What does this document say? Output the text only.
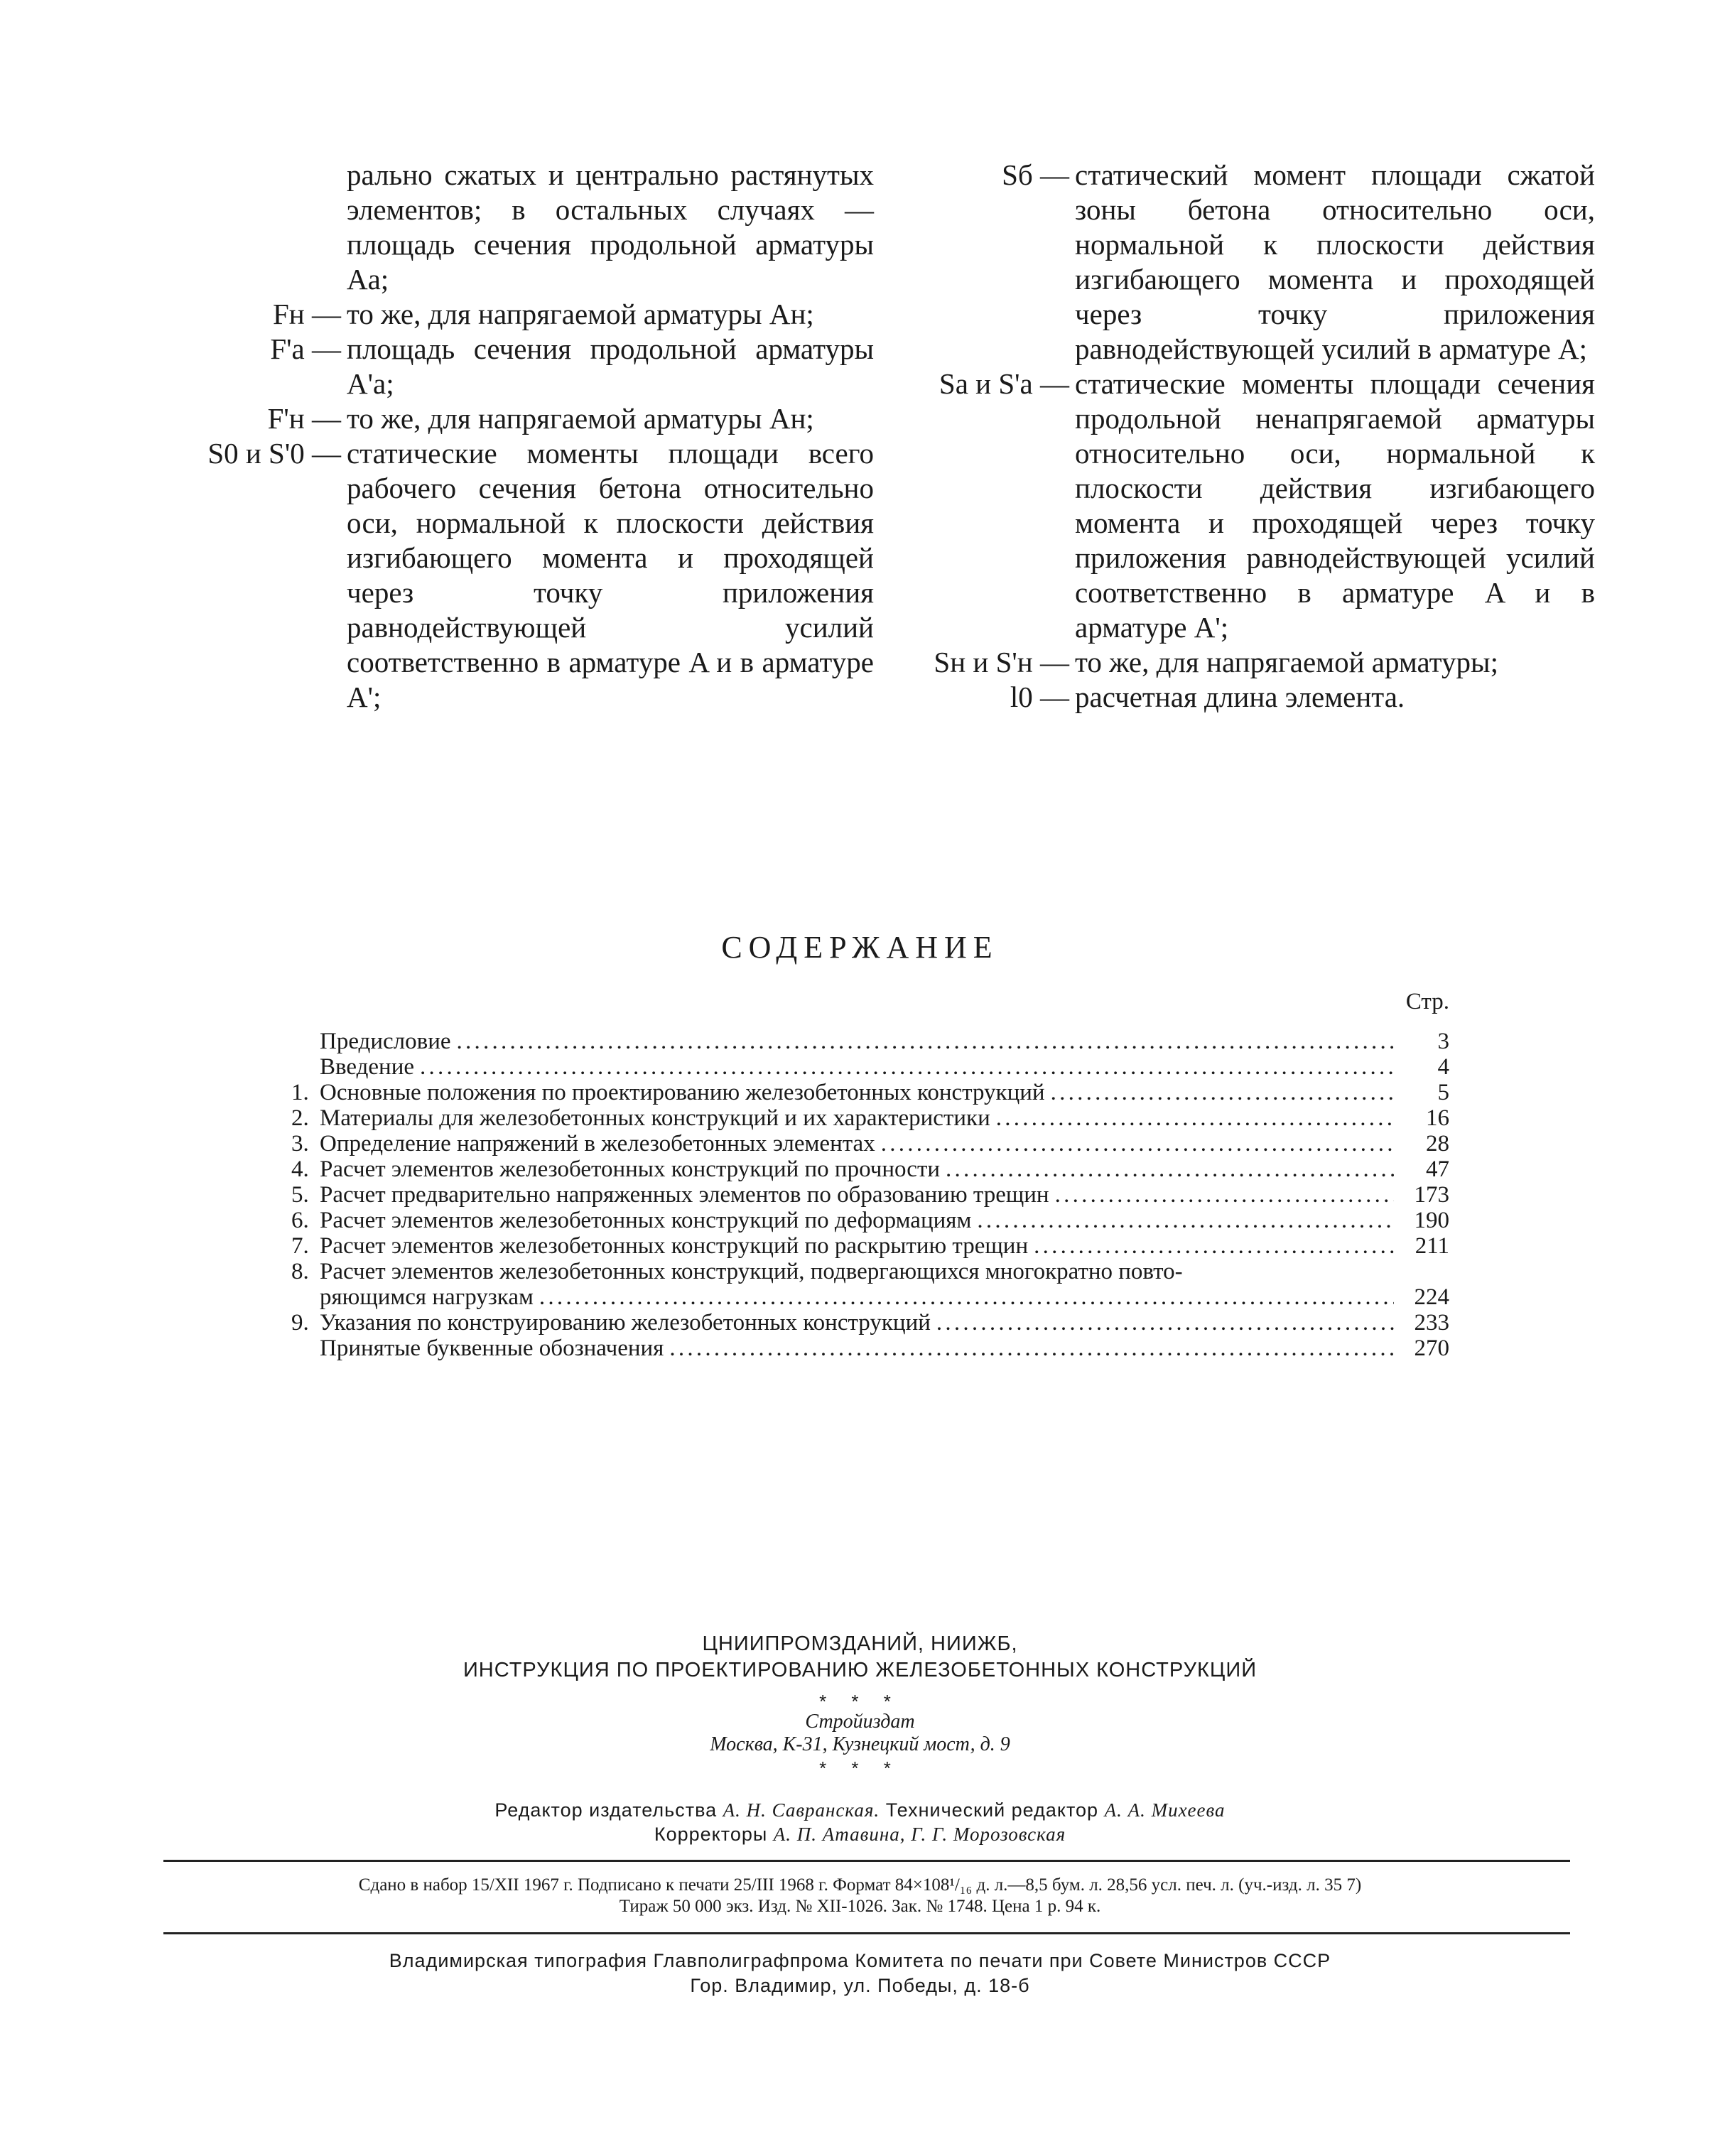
рально сжатых и центрально растянутых элементов; в остальных случаях — площадь сечения продольной арматуры Aа;
Fн — то же, для напрягаемой арматуры Aн;
F'а — площадь сечения продольной арматуры A'а;
F'н — то же, для напрягаемой арматуры Aн;
S0 и S'0 — статические моменты площади всего рабочего сечения бетона относительно оси, нормальной к плоскости действия изгибающего момента и проходящей через точку приложения равнодействующей усилий соответственно в арматуре A и в арматуре A';
Sб — статический момент площади сжатой зоны бетона относительно оси, нормальной к плоскости действия изгибающего момента и проходящей через точку приложения равнодействующей усилий в арматуре A;
Sа и S'а — статические моменты площади сечения продольной ненапрягаемой арматуры относительно оси, нормальной к плоскости действия изгибающего момента и проходящей через точку приложения равнодействующей усилий соответственно в арматуре A и в арматуре A';
Sн и S'н — то же, для напрягаемой арматуры;
l0 — расчетная длина элемента.
СОДЕРЖАНИЕ
Стр.
Предисловие . . .	3
Введение . . .	4
1. Основные положения по проектированию железобетонных конструкций . . .	5
2. Материалы для железобетонных конструкций и их характеристики . . .	16
3. Определение напряжений в железобетонных элементах . . .	28
4. Расчет элементов железобетонных конструкций по прочности . . .	47
5. Расчет предварительно напряженных элементов по образованию трещин . . .	173
6. Расчет элементов железобетонных конструкций по деформациям . . .	190
7. Расчет элементов железобетонных конструкций по раскрытию трещин . . .	211
8. Расчет элементов железобетонных конструкций, подвергающихся многократно повто-
ряющимся нагрузкам . . .	224
9. Указания по конструированию железобетонных конструкций . . .	233
Принятые буквенные обозначения . . .	270
ЦНИИПРОМЗДАНИЙ, НИИЖБ,
ИНСТРУКЦИЯ ПО ПРОЕКТИРОВАНИЮ ЖЕЛЕЗОБЕТОННЫХ КОНСТРУКЦИЙ
* * *
Стройиздат
Москва, К-31, Кузнецкий мост, д. 9
* * *
Редактор издательства А. Н. Савранская. Технический редактор А. А. Михеева
Корректоры А. П. Атавина, Г. Г. Морозовская
Сдано в набор 15/XII 1967 г. Подписано к печати 25/III 1968 г. Формат 84×108¹/₁₆ д. л.—8,5 бум. л. 28,56 усл. печ. л. (уч.-изд. л. 35 7)
Тираж 50 000 экз. Изд. № XII-1026. Зак. № 1748. Цена 1 р. 94 к.
Владимирская типография Главполиграфпрома Комитета по печати при Совете Министров СССР
Гор. Владимир, ул. Победы, д. 18-б
